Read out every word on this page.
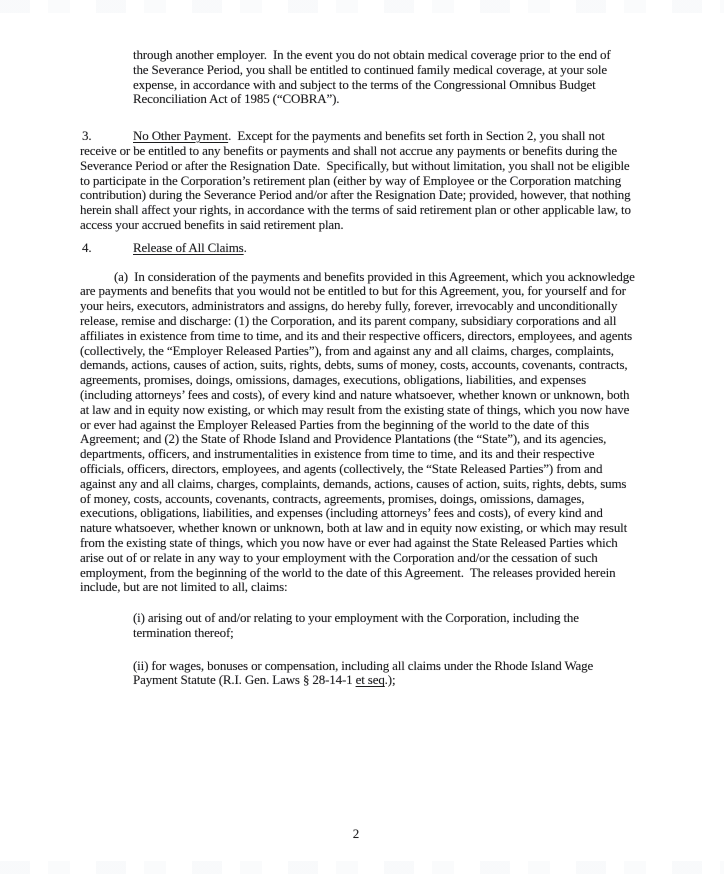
through another employer.  In the event you do not obtain medical coverage prior to the end of the Severance Period, you shall be entitled to continued family medical coverage, at your sole expense, in accordance with and subject to the terms of the Congressional Omnibus Budget Reconciliation Act of 1985 (“COBRA”).

3.	No Other Payment.  Except for the payments and benefits set forth in Section 2, you shall not receive or be entitled to any benefits or payments and shall not accrue any payments or benefits during the Severance Period or after the Resignation Date.  Specifically, but without limitation, you shall not be eligible to participate in the Corporation’s retirement plan (either by way of Employee or the Corporation matching contribution) during the Severance Period and/or after the Resignation Date; provided, however, that nothing herein shall affect your rights, in accordance with the terms of said retirement plan or other applicable law, to access your accrued benefits in said retirement plan.

4.	Release of All Claims.

(a)  In consideration of the payments and benefits provided in this Agreement, which you acknowledge are payments and benefits that you would not be entitled to but for this Agreement, you, for yourself and for your heirs, executors, administrators and assigns, do hereby fully, forever, irrevocably and unconditionally release, remise and discharge: (1) the Corporation, and its parent company, subsidiary corporations and all affiliates in existence from time to time, and its and their respective officers, directors, employees, and agents (collectively, the “Employer Released Parties”), from and against any and all claims, charges, complaints, demands, actions, causes of action, suits, rights, debts, sums of money, costs, accounts, covenants, contracts, agreements, promises, doings, omissions, damages, executions, obligations, liabilities, and expenses (including attorneys’ fees and costs), of every kind and nature whatsoever, whether known or unknown, both at law and in equity now existing, or which may result from the existing state of things, which you now have or ever had against the Employer Released Parties from the beginning of the world to the date of this Agreement; and (2) the State of Rhode Island and Providence Plantations (the “State”), and its agencies, departments, officers, and instrumentalities in existence from time to time, and its and their respective officials, officers, directors, employees, and agents (collectively, the “State Released Parties”) from and against any and all claims, charges, complaints, demands, actions, causes of action, suits, rights, debts, sums of money, costs, accounts, covenants, contracts, agreements, promises, doings, omissions, damages, executions, obligations, liabilities, and expenses (including attorneys’ fees and costs), of every kind and nature whatsoever, whether known or unknown, both at law and in equity now existing, or which may result from the existing state of things, which you now have or ever had against the State Released Parties which arise out of or relate in any way to your employment with the Corporation and/or the cessation of such employment, from the beginning of the world to the date of this Agreement.  The releases provided herein include, but are not limited to all, claims:

(i) arising out of and/or relating to your employment with the Corporation, including the termination thereof;

(ii) for wages, bonuses or compensation, including all claims under the Rhode Island Wage Payment Statute (R.I. Gen. Laws § 28-14-1 et seq.);

2
